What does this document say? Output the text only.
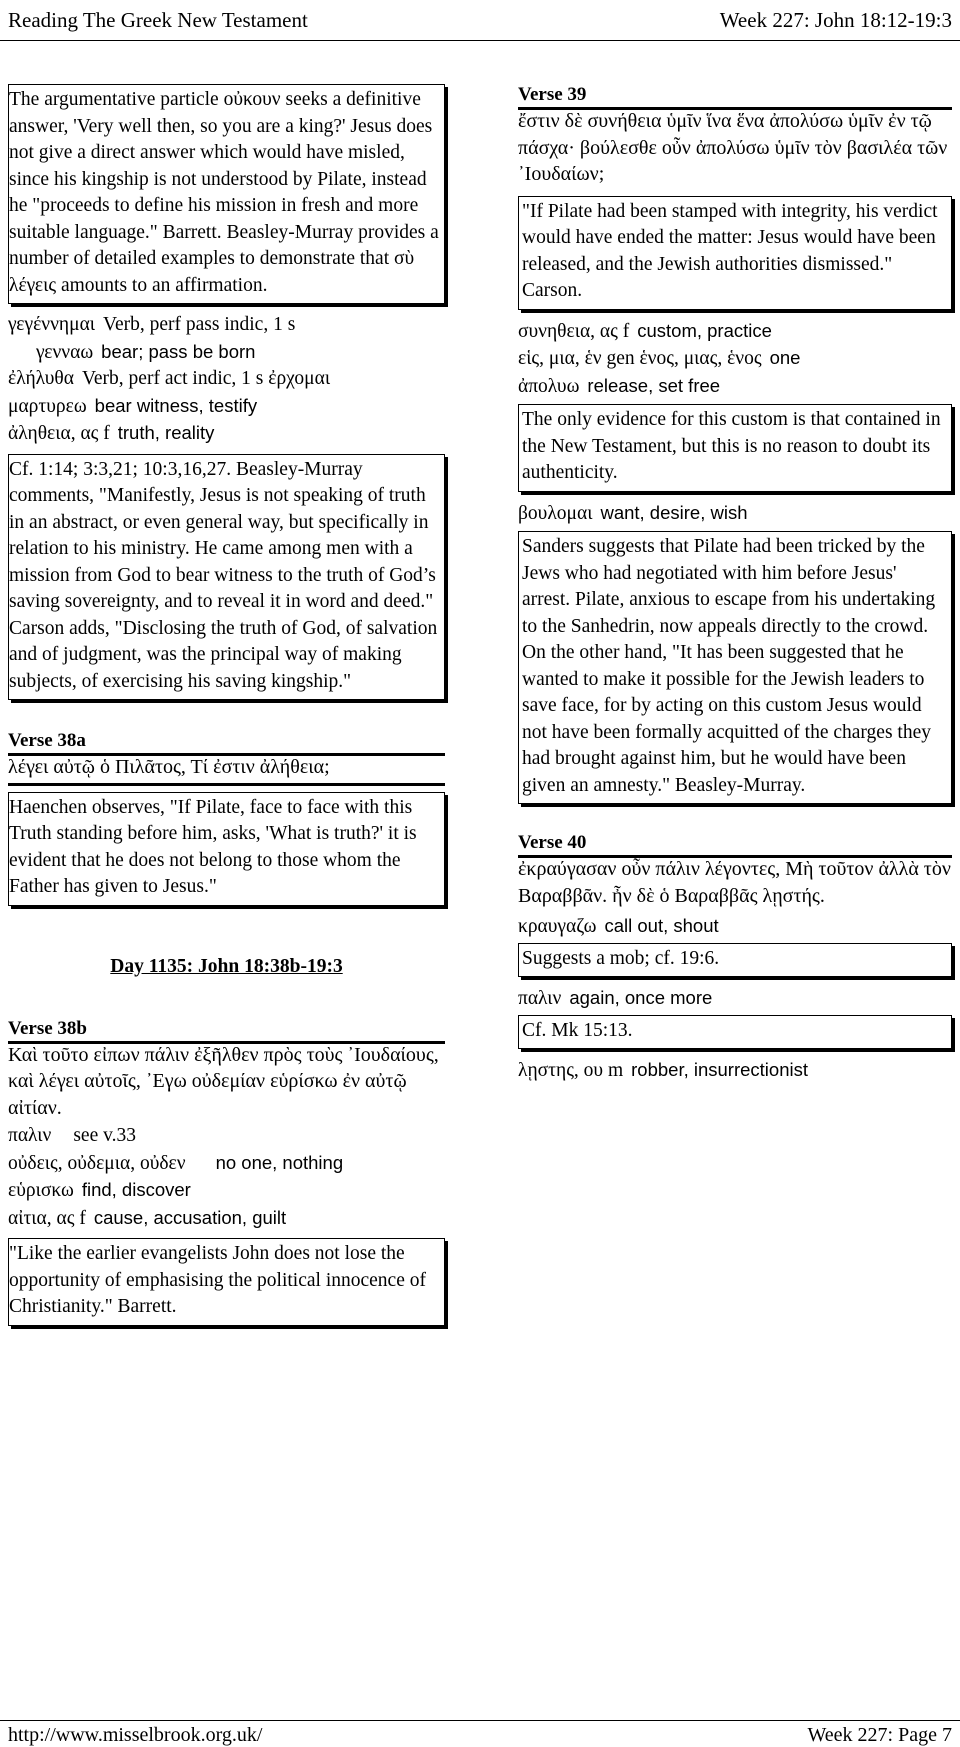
Reading The Greek New Testament	Week 227: John 18:12-19:3
The argumentative particle οὐκουν seeks a definitive answer, 'Very well then, so you are a king?' Jesus does not give a direct answer which would have misled, since his kingship is not understood by Pilate, instead he "proceeds to define his mission in fresh and more suitable language." Barrett. Beasley-Murray provides a number of detailed examples to demonstrate that σὺ λέγεις amounts to an affirmation.
γεγέννημαι Verb, perf pass indic, 1 s
γενναω bear; pass be born
ἐλήλυθα Verb, perf act indic, 1 s ἐρχομαι
μαρτυρεω bear witness, testify
ἀληθεια, ας f truth, reality
Cf. 1:14; 3:3,21; 10:3,16,27. Beasley-Murray comments, "Manifestly, Jesus is not speaking of truth in an abstract, or even general way, but specifically in relation to his ministry. He came among men with a mission from God to bear witness to the truth of God’s saving sovereignty, and to reveal it in word and deed." Carson adds, "Disclosing the truth of God, of salvation and of judgment, was the principal way of making subjects, of exercising his saving kingship."
Verse 38a
λέγει αὐτῷ ὁ Πιλᾶτος, Τί ἐστιν ἀλήθεια;
Haenchen observes, "If Pilate, face to face with this Truth standing before him, asks, 'What is truth?' it is evident that he does not belong to those whom the Father has given to Jesus."
Day 1135: John 18:38b-19:3
Verse 38b
Καὶ τοῦτο εἰπων πάλιν ἐξῆλθεν πρὸς τοὺς ᾿Ιουδαίους, καὶ λέγει αὐτοῖς, ᾿Εγω οὐδεμίαν εὑρίσκω ἐν αὐτῷ αἰτίαν.
παλιν see v.33
οὐδεις, οὐδεμια, οὐδεν no one, nothing
εὑρισκω find, discover
αἰτια, ας f cause, accusation, guilt
"Like the earlier evangelists John does not lose the opportunity of emphasising the political innocence of Christianity." Barrett.
Verse 39
ἔστιν δὲ συνήθεια ὑμῖν ἵνα ἕνα ἀπολύσω ὑμῖν ἐν τῷ πάσχα· βούλεσθε οὖν ἀπολύσω ὑμῖν τὸν βασιλέα τῶν ᾿Ιουδαίων;
"If Pilate had been stamped with integrity, his verdict would have ended the matter: Jesus would have been released, and the Jewish authorities dismissed." Carson.
συνηθεια, ας f custom, practice
εἱς, μια, ἑν gen ἑνος, μιας, ἑνος one
ἀπολυω release, set free
The only evidence for this custom is that contained in the New Testament, but this is no reason to doubt its authenticity.
βουλομαι want, desire, wish
Sanders suggests that Pilate had been tricked by the Jews who had negotiated with him before Jesus' arrest. Pilate, anxious to escape from his undertaking to the Sanhedrin, now appeals directly to the crowd. On the other hand, "It has been suggested that he wanted to make it possible for the Jewish leaders to save face, for by acting on this custom Jesus would not have been formally acquitted of the charges they had brought against him, but he would have been given an amnesty." Beasley-Murray.
Verse 40
ἐκραύγασαν οὖν πάλιν λέγοντες, Μὴ τοῦτον ἀλλὰ τὸν Βαραββᾶν. ἦν δὲ ὁ Βαραββᾶς λῃστής.
κραυγαζω call out, shout
Suggests a mob; cf. 19:6.
παλιν again, once more
Cf. Mk 15:13.
λῃστης, ου m robber, insurrectionist
http://www.misselbrook.org.uk/	Week 227: Page 7
